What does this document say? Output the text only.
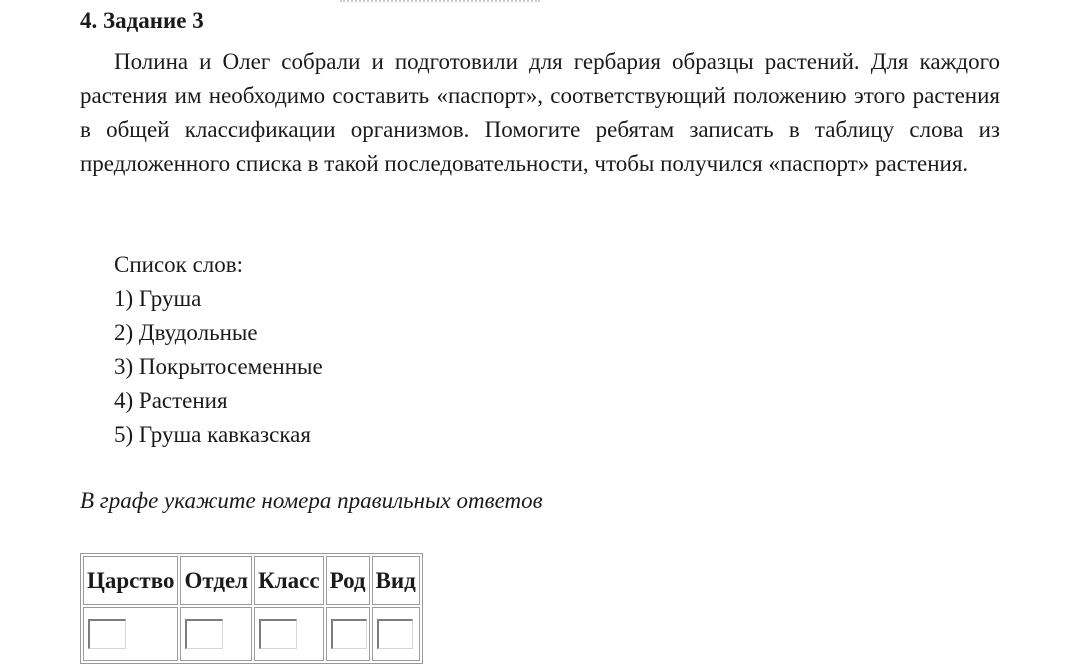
4. Задание 3

Полина и Олег собрали и подготовили для гербария образцы растений. Для каждого растения им необходимо составить «паспорт», соответствующий положению этого растения в общей классификации организмов. Помогите ребятам записать в таблицу слова из предложенного списка в такой последовательности, чтобы получился «паспорт» растения.

Список слов:
1) Груша
2) Двудольные
3) Покрытосеменные
4) Растения
5) Груша кавказская

В графе укажите номера правильных ответов

Царство	Отдел	Класс	Род	Вид
